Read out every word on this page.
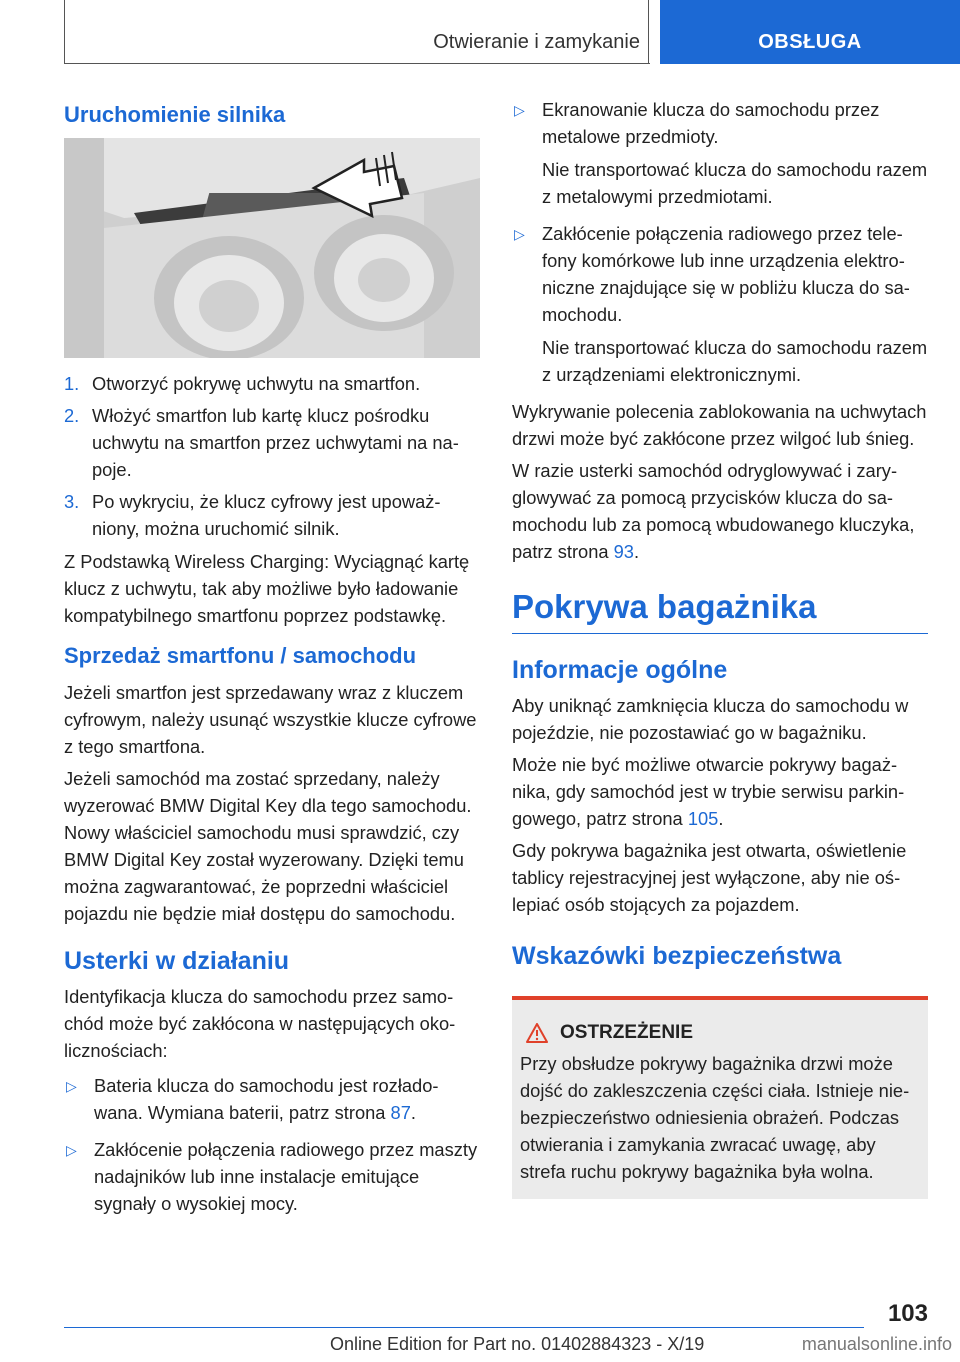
Otwieranie i zamykanie	OBSŁUGA
Uruchomienie silnika
1. Otworzyć pokrywę uchwytu na smartfon.
2. Włożyć smartfon lub kartę klucz pośrodku uchwytu na smartfon przez uchwytami na napoje.
3. Po wykryciu, że klucz cyfrowy jest upoważniony, można uruchomić silnik.

Z Podstawką Wireless Charging: Wyciągnąć kartę klucz z uchwytu, tak aby możliwe było ładowanie kompatybilnego smartfonu poprzez podstawkę.

Sprzedaż smartfonu / samochodu

Jeżeli smartfon jest sprzedawany wraz z kluczem cyfrowym, należy usunąć wszystkie klucze cyfrowe z tego smartfona.

Jeżeli samochód ma zostać sprzedany, należy wyzerować BMW Digital Key dla tego samochodu. Nowy właściciel samochodu musi sprawdzić, czy BMW Digital Key został wyzerowany. Dzięki temu można zagwarantować, że poprzedni właściciel pojazdu nie będzie miał dostępu do samochodu.

Usterki w działaniu

Identyfikacja klucza do samochodu przez samochód może być zakłócona w następujących okolicznościach:

▷ Bateria klucza do samochodu jest rozładowana. Wymiana baterii, patrz strona 87.
▷ Zakłócenie połączenia radiowego przez maszty nadajników lub inne instalacje emitujące sygnały o wysokiej mocy.
▷ Ekranowanie klucza do samochodu przez metalowe przedmioty.
Nie transportować klucza do samochodu razem z metalowymi przedmiotami.
▷ Zakłócenie połączenia radiowego przez telefony komórkowe lub inne urządzenia elektroniczne znajdujące się w pobliżu klucza do samochodu.
Nie transportować klucza do samochodu razem z urządzeniami elektronicznymi.

Wykrywanie polecenia zablokowania na uchwytach drzwi może być zakłócone przez wilgoć lub śnieg.

W razie usterki samochód odryglowywać i zaryglowywać za pomocą przycisków klucza do samochodu lub za pomocą wbudowanego kluczyka, patrz strona 93.

Pokrywa bagażnika
Informacje ogólne

Aby uniknąć zamknięcia klucza do samochodu w pojeździe, nie pozostawiać go w bagażniku.

Może nie być możliwe otwarcie pokrywy bagażnika, gdy samochód jest w trybie serwisu parkingowego, patrz strona 105.

Gdy pokrywa bagażnika jest otwarta, oświetlenie tablicy rejestracyjnej jest wyłączone, aby nie oślepiać osób stojących za pojazdem.

Wskazówki bezpieczeństwa
OSTRZEŻENIE

Przy obsłudze pokrywy bagażnika drzwi może dojść do zakleszczenia części ciała. Istnieje niebezpieczeństwo odniesienia obrażeń. Podczas otwierania i zamykania zwracać uwagę, aby strefa ruchu pokrywy bagażnika była wolna.

103
Online Edition for Part no. 01402884323 - X/19	manualsonline.info
